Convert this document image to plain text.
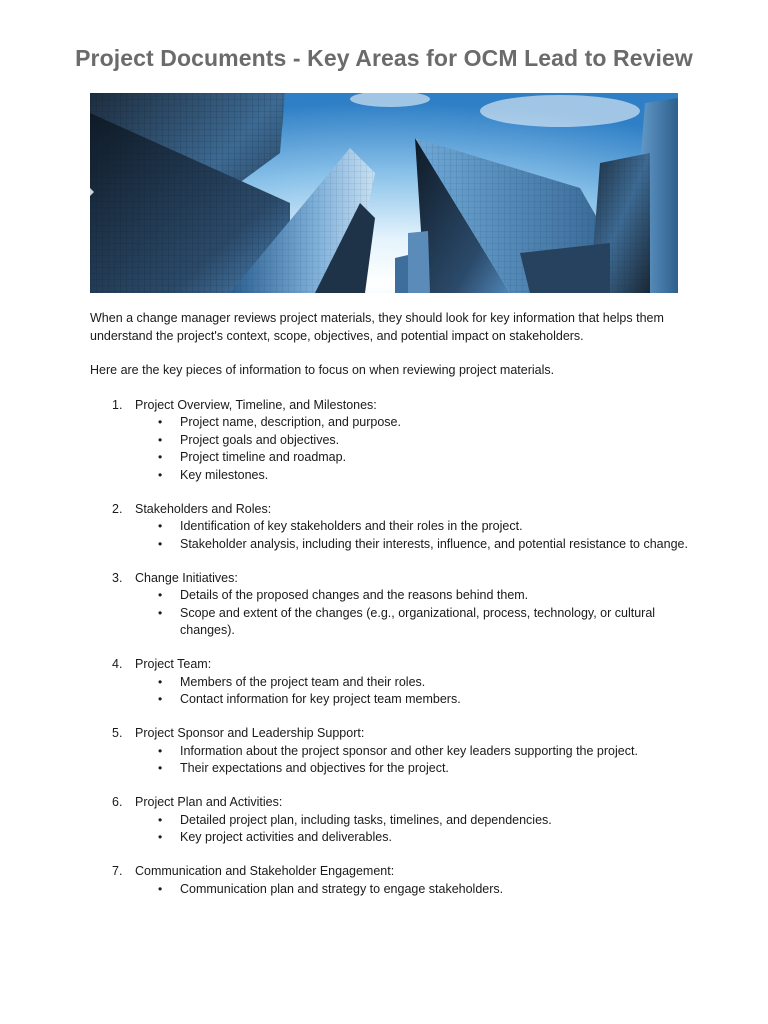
Project Documents - Key Areas for OCM Lead to Review

When a change manager reviews project materials, they should look for key information that helps them understand the project's context, scope, objectives, and potential impact on stakeholders.

Here are the key pieces of information to focus on when reviewing project materials.

1. Project Overview, Timeline, and Milestones:
• Project name, description, and purpose.
• Project goals and objectives.
• Project timeline and roadmap.
• Key milestones.
2. Stakeholders and Roles:
• Identification of key stakeholders and their roles in the project.
• Stakeholder analysis, including their interests, influence, and potential resistance to change.
3. Change Initiatives:
• Details of the proposed changes and the reasons behind them.
• Scope and extent of the changes (e.g., organizational, process, technology, or cultural changes).
4. Project Team:
• Members of the project team and their roles.
• Contact information for key project team members.
5. Project Sponsor and Leadership Support:
• Information about the project sponsor and other key leaders supporting the project.
• Their expectations and objectives for the project.
6. Project Plan and Activities:
• Detailed project plan, including tasks, timelines, and dependencies.
• Key project activities and deliverables.
7. Communication and Stakeholder Engagement:
• Communication plan and strategy to engage stakeholders.
